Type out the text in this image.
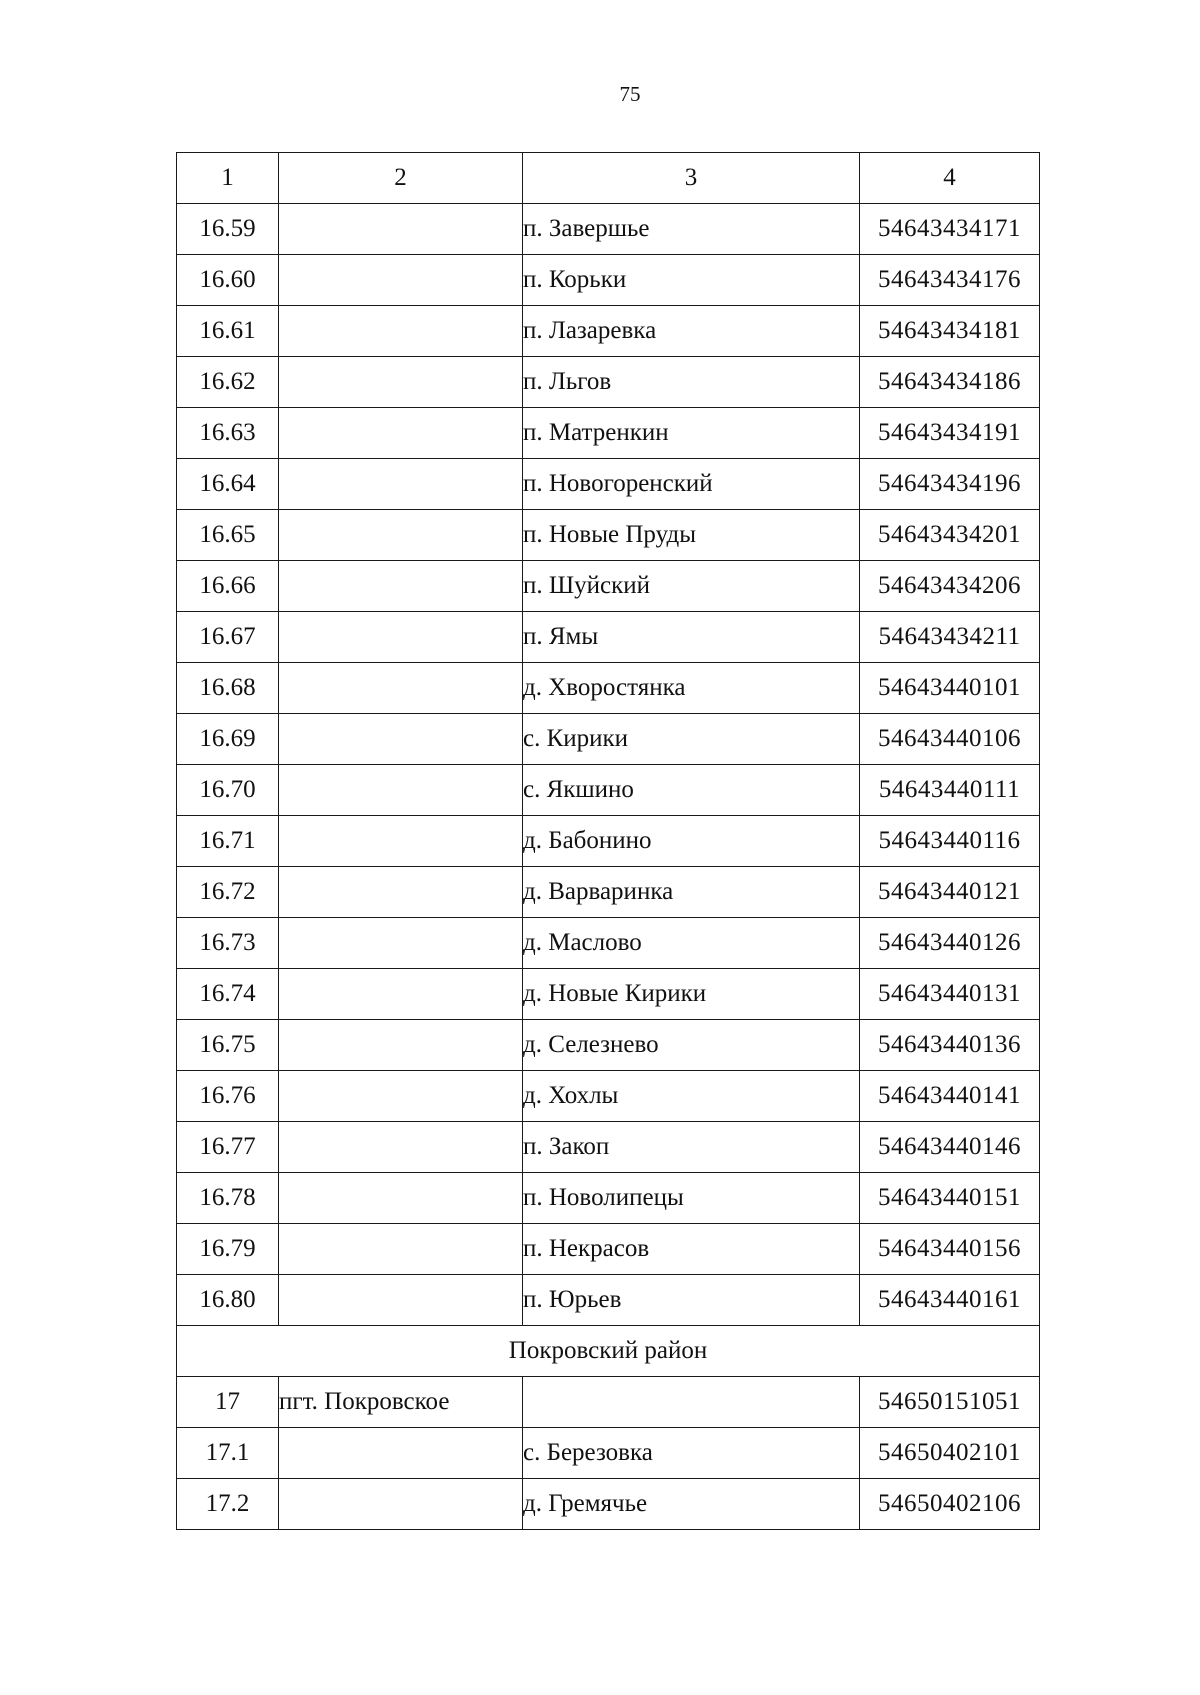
75
1	2	3	4
16.59		п. Завершье	54643434171
16.60		п. Корьки	54643434176
16.61		п. Лазаревка	54643434181
16.62		п. Льгов	54643434186
16.63		п. Матренкин	54643434191
16.64		п. Новогоренский	54643434196
16.65		п. Новые Пруды	54643434201
16.66		п. Шуйский	54643434206
16.67		п. Ямы	54643434211
16.68		д. Хворостянка	54643440101
16.69		с. Кирики	54643440106
16.70		с. Якшино	54643440111
16.71		д. Бабонино	54643440116
16.72		д. Варваринка	54643440121
16.73		д. Маслово	54643440126
16.74		д. Новые Кирики	54643440131
16.75		д. Селезнево	54643440136
16.76		д. Хохлы	54643440141
16.77		п. Закоп	54643440146
16.78		п. Новолипецы	54643440151
16.79		п. Некрасов	54643440156
16.80		п. Юрьев	54643440161
Покровский район			
17	пгт. Покровское		54650151051
17.1		с. Березовка	54650402101
17.2		д. Гремячье	54650402106
